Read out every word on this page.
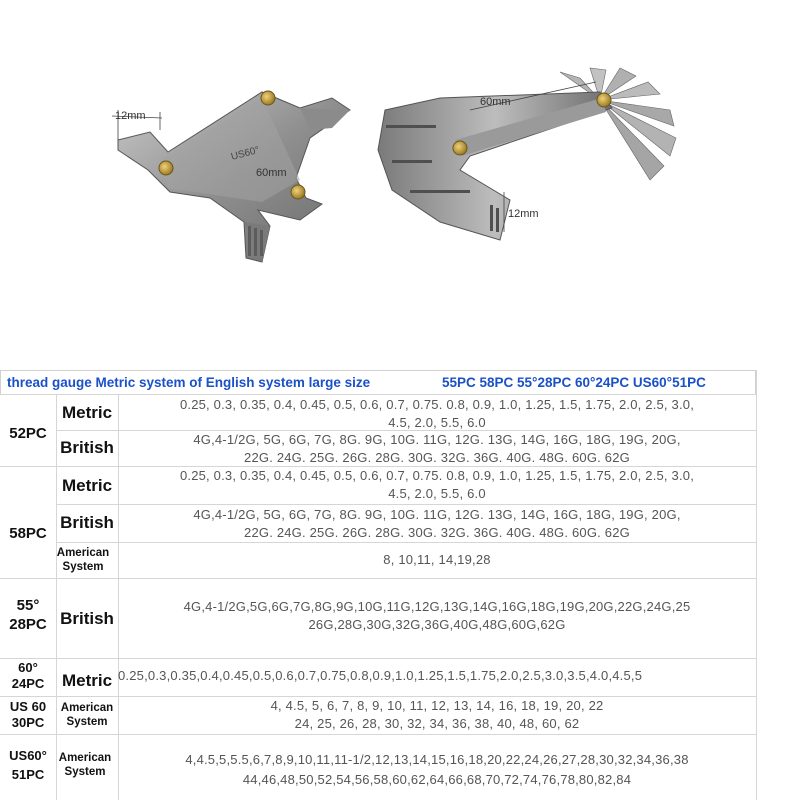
US60°
12mm
60mm
60mm
12mm
thread gauge Metric system of English system large size	55PC 58PC 55°28PC 60°24PC US60°51PC
52PC
Metric	0.25, 0.3, 0.35, 0.4, 0.45, 0.5, 0.6, 0.7, 0.75. 0.8, 0.9, 1.0, 1.25, 1.5, 1.75, 2.0, 2.5, 3.0,
4.5, 2.0, 5.5, 6.0
British	4G,4-1/2G, 5G, 6G, 7G, 8G. 9G, 10G. 11G, 12G. 13G, 14G, 16G, 18G, 19G, 20G,
22G. 24G. 25G. 26G. 28G. 30G. 32G. 36G. 40G. 48G. 60G. 62G
58PC
Metric
0.25, 0.3, 0.35, 0.4, 0.45, 0.5, 0.6, 0.7, 0.75. 0.8, 0.9, 1.0, 1.25, 1.5, 1.75, 2.0, 2.5, 3.0,
4.5, 2.0, 5.5, 6.0
British	4G,4-1/2G, 5G, 6G, 7G, 8G. 9G, 10G. 11G, 12G. 13G, 14G, 16G, 18G, 19G, 20G,
22G. 24G. 25G. 26G. 28G. 30G. 32G. 36G. 40G. 48G. 60G. 62G
American
System	8, 10,11, 14,19,28
55°
28PC British
4G,4-1/2G,5G,6G,7G,8G,9G,10G,11G,12G,13G,14G,16G,18G,19G,20G,22G,24G,25
26G,28G,30G,32G,36G,40G,48G,60G,62G
60°
24PC	Metric 0.25,0.3,0.35,0.4,0.45,0.5,0.6,0.7,0.75,0.8,0.9,1.0,1.25,1.5,1.75,2.0,2.5,3.0,3.5,4.0,4.5,5
US 60
30PC
American
System
4, 4.5, 5, 6, 7, 8, 9, 10, 11, 12, 13, 14, 16, 18, 19, 20, 22
24, 25, 26, 28, 30, 32, 34, 36, 38, 40, 48, 60, 62
US60°
51PC
American
System
4,4.5,5,5.5,6,7,8,9,10,11,11-1/2,12,13,14,15,16,18,20,22,24,26,27,28,30,32,34,36,38
44,46,48,50,52,54,56,58,60,62,64,66,68,70,72,74,76,78,80,82,84
